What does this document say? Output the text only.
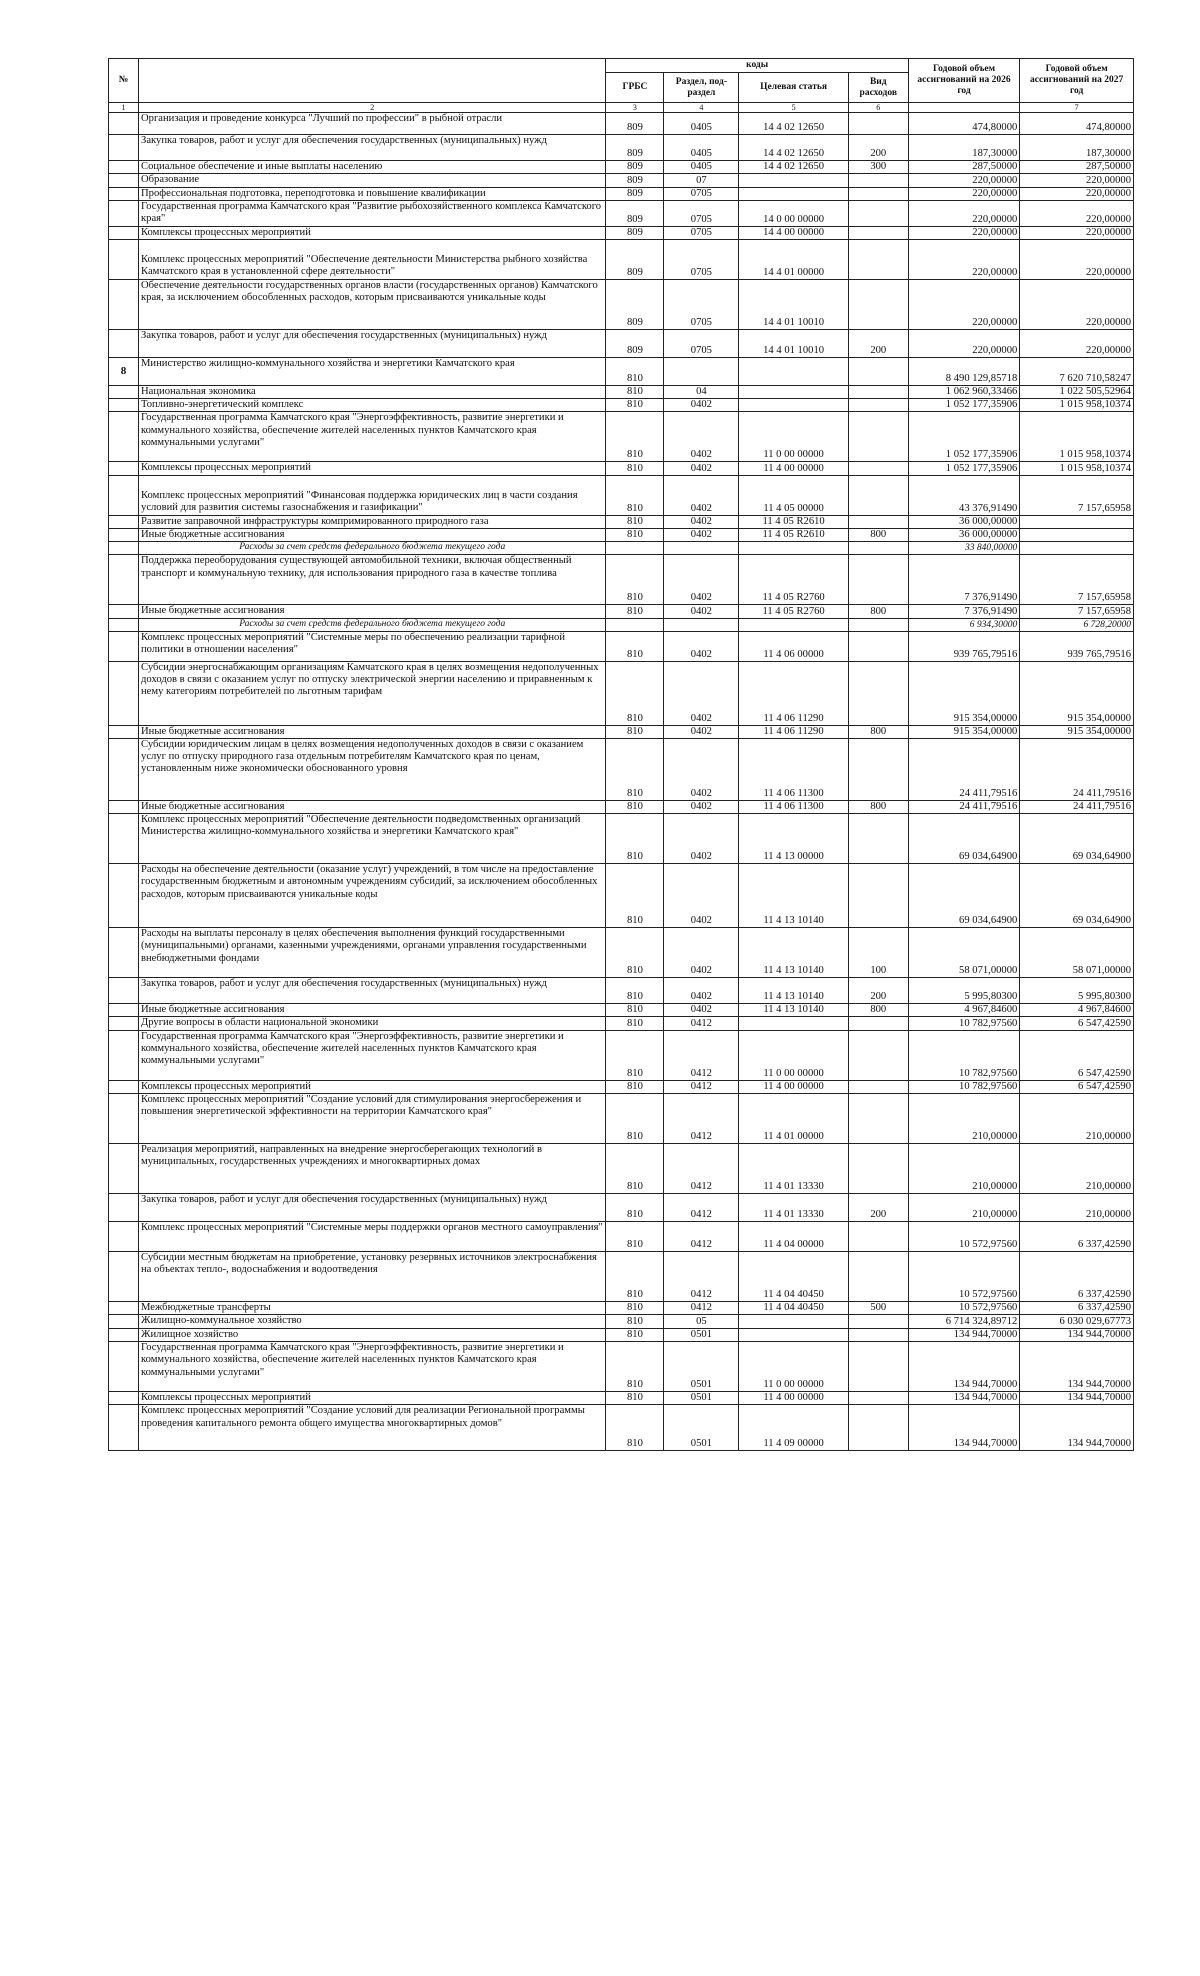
№		коды				Годовой объем ассигнований на 2026 год	Годовой объем ассигнований на 2027 год
		ГРБС	Раздел, под-раздел	Целевая статья	Вид расходов		
1	2	3	4	5	6		7
	Организация и проведение конкурса "Лучший по профессии" в рыбной отрасли	809	0405	14 4 02 12650		474,80000	474,80000
	Закупка товаров, работ и услуг для обеспечения государственных (муниципальных) нужд	809	0405	14 4 02 12650	200	187,30000	187,30000
	Социальное обеспечение и иные выплаты населению	809	0405	14 4 02 12650	300	287,50000	287,50000
	Образование	809	07			220,00000	220,00000
	Профессиональная подготовка, переподготовка и повышение квалификации	809	0705			220,00000	220,00000
	Государственная программа Камчатского края "Развитие рыбохозяйственного комплекса Камчатского края"	809	0705	14 0 00 00000		220,00000	220,00000
	Комплексы процессных мероприятий	809	0705	14 4 00 00000		220,00000	220,00000
	Комплекс процессных мероприятий "Обеспечение деятельности Министерства рыбного хозяйства Камчатского края в установленной сфере деятельности"	809	0705	14 4 01 00000		220,00000	220,00000
	Обеспечение деятельности государственных органов власти (государственных органов) Камчатского края, за исключением обособленных расходов, которым присваиваются уникальные коды	809	0705	14 4 01 10010		220,00000	220,00000
	Закупка товаров, работ и услуг для обеспечения государственных (муниципальных) нужд	809	0705	14 4 01 10010	200	220,00000	220,00000
8	Министерство жилищно-коммунального хозяйства и энергетики Камчатского края	810				8 490 129,85718	7 620 710,58247
	Национальная экономика	810	04			1 062 960,33466	1 022 505,52964
	Топливно-энергетический комплекс	810	0402			1 052 177,35906	1 015 958,10374
	Государственная программа Камчатского края "Энергоэффективность, развитие энергетики и коммунального хозяйства, обеспечение жителей населенных пунктов Камчатского края коммунальными услугами"	810	0402	11 0 00 00000		1 052 177,35906	1 015 958,10374
	Комплексы процессных мероприятий	810	0402	11 4 00 00000		1 052 177,35906	1 015 958,10374
	Комплекс процессных мероприятий "Финансовая поддержка юридических лиц в части создания условий для развития системы газоснабжения и газификации"	810	0402	11 4 05 00000		43 376,91490	7 157,65958
	Развитие заправочной инфраструктуры компримированного природного газа	810	0402	11 4 05 R2610		36 000,00000	
	Иные бюджетные ассигнования	810	0402	11 4 05 R2610	800	36 000,00000	
	Расходы за счет средств федерального бюджета текущего года					33 840,00000	
	Поддержка переоборудования существующей автомобильной техники, включая общественный транспорт и коммунальную технику, для использования природного газа в качестве топлива	810	0402	11 4 05 R2760		7 376,91490	7 157,65958
	Иные бюджетные ассигнования	810	0402	11 4 05 R2760	800	7 376,91490	7 157,65958
	Расходы за счет средств федерального бюджета текущего года					6 934,30000	6 728,20000
	Комплекс процессных мероприятий "Системные меры по обеспечению реализации тарифной политики в отношении населения"	810	0402	11 4 06 00000		939 765,79516	939 765,79516
	Субсидии энергоснабжающим организациям Камчатского края в целях возмещения недополученных доходов в связи с оказанием услуг по отпуску электрической энергии населению и приравненным к нему категориям потребителей по льготным тарифам	810	0402	11 4 06 11290		915 354,00000	915 354,00000
	Иные бюджетные ассигнования	810	0402	11 4 06 11290	800	915 354,00000	915 354,00000
	Субсидии юридическим лицам в целях возмещения недополученных доходов в связи с оказанием услуг по отпуску природного газа отдельным потребителям Камчатского края по ценам, установленным ниже экономически обоснованного уровня	810	0402	11 4 06 11300		24 411,79516	24 411,79516
	Иные бюджетные ассигнования	810	0402	11 4 06 11300	800	24 411,79516	24 411,79516
	Комплекс процессных мероприятий "Обеспечение деятельности подведомственных организаций Министерства жилищно-коммунального хозяйства и энергетики Камчатского края"	810	0402	11 4 13 00000		69 034,64900	69 034,64900
	Расходы на обеспечение деятельности (оказание услуг) учреждений, в том числе на предоставление государственным бюджетным и автономным учреждениям субсидий, за исключением обособленных расходов, которым присваиваются уникальные коды	810	0402	11 4 13 10140		69 034,64900	69 034,64900
	Расходы на выплаты персоналу в целях обеспечения выполнения функций государственными (муниципальными) органами, казенными учреждениями, органами управления государственными внебюджетными фондами	810	0402	11 4 13 10140	100	58 071,00000	58 071,00000
	Закупка товаров, работ и услуг для обеспечения государственных (муниципальных) нужд	810	0402	11 4 13 10140	200	5 995,80300	5 995,80300
	Иные бюджетные ассигнования	810	0402	11 4 13 10140	800	4 967,84600	4 967,84600
	Другие вопросы в области национальной экономики	810	0412			10 782,97560	6 547,42590
	Государственная программа Камчатского края "Энергоэффективность, развитие энергетики и коммунального хозяйства, обеспечение жителей населенных пунктов Камчатского края коммунальными услугами"	810	0412	11 0 00 00000		10 782,97560	6 547,42590
	Комплексы процессных мероприятий	810	0412	11 4 00 00000		10 782,97560	6 547,42590
	Комплекс процессных мероприятий "Создание условий для стимулирования энергосбережения и повышения энергетической эффективности на территории Камчатского края"	810	0412	11 4 01 00000		210,00000	210,00000
	Реализация мероприятий, направленных на внедрение энергосберегающих технологий в муниципальных, государственных учреждениях и многоквартирных домах	810	0412	11 4 01 13330		210,00000	210,00000
	Закупка товаров, работ и услуг для обеспечения государственных (муниципальных) нужд	810	0412	11 4 01 13330	200	210,00000	210,00000
	Комплекс процессных мероприятий "Системные меры поддержки органов местного самоуправления"	810	0412	11 4 04 00000		10 572,97560	6 337,42590
	Субсидии местным бюджетам на приобретение, установку резервных источников электроснабжения на объектах тепло-, водоснабжения и водоотведения	810	0412	11 4 04 40450		10 572,97560	6 337,42590
	Межбюджетные трансферты	810	0412	11 4 04 40450	500	10 572,97560	6 337,42590
	Жилищно-коммунальное хозяйство	810	05			6 714 324,89712	6 030 029,67773
	Жилищное хозяйство	810	0501			134 944,70000	134 944,70000
	Государственная программа Камчатского края "Энергоэффективность, развитие энергетики и коммунального хозяйства, обеспечение жителей населенных пунктов Камчатского края коммунальными услугами"	810	0501	11 0 00 00000		134 944,70000	134 944,70000
	Комплексы процессных мероприятий	810	0501	11 4 00 00000		134 944,70000	134 944,70000
	Комплекс процессных мероприятий "Создание условий для реализации Региональной программы проведения капитального ремонта общего имущества многоквартирных домов"	810	0501	11 4 09 00000		134 944,70000	134 944,70000
